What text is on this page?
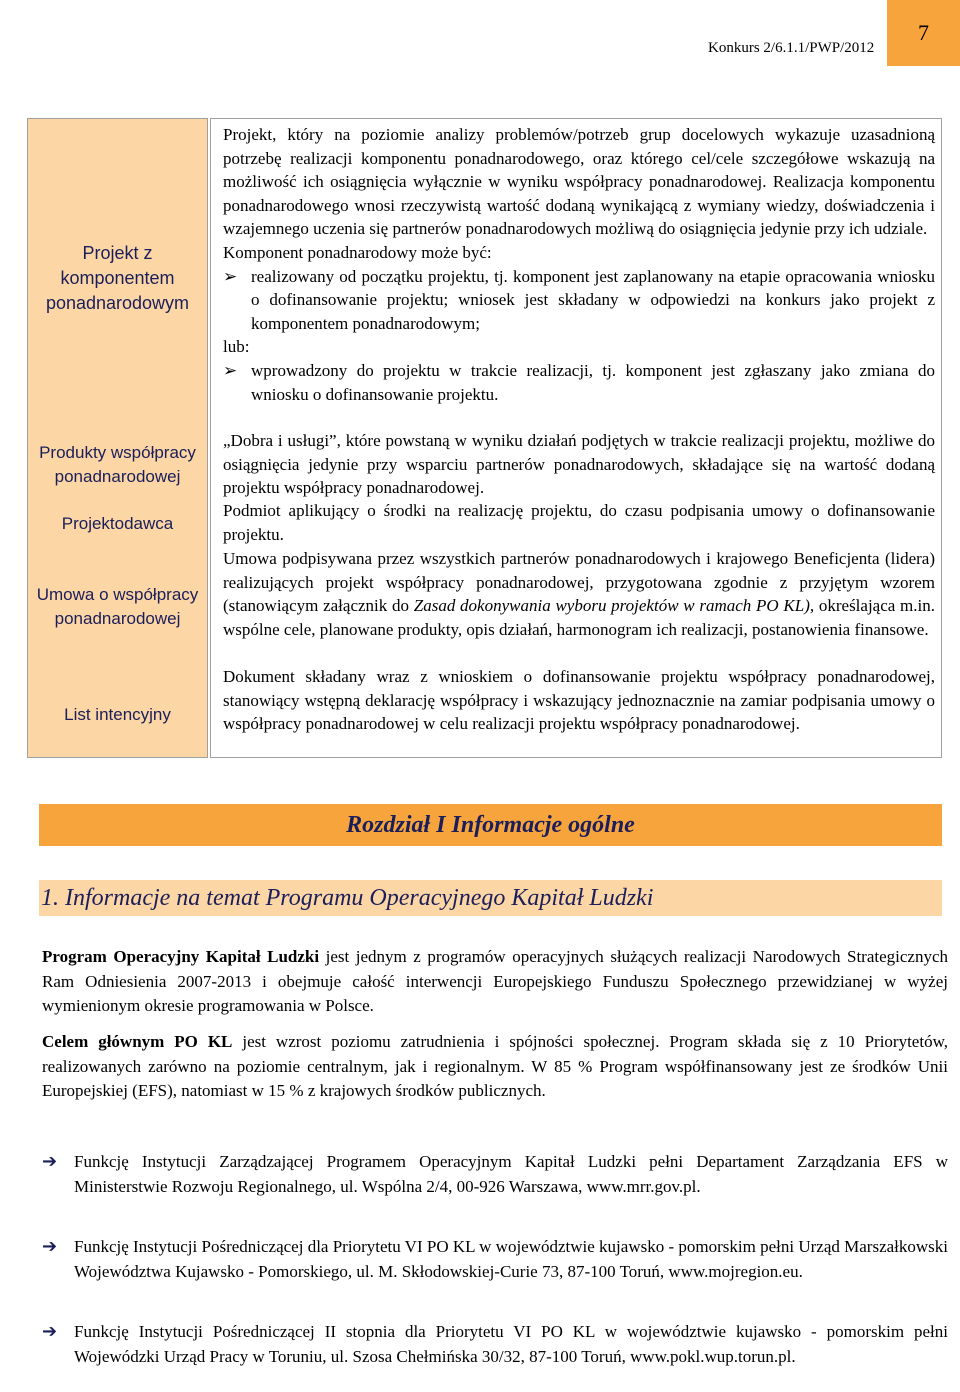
Konkurs 2/6.1.1/PWP/2012
7
Projekt z komponentem ponadnarodowym
Produkty współpracy ponadnarodowej
Projektodawca
Umowa o współpracy ponadnarodowej
List intencyjny
Projekt, który na poziomie analizy problemów/potrzeb grup docelowych wykazuje uzasadnioną potrzebę realizacji komponentu ponadnarodowego, oraz którego cel/cele szczegółowe wskazują na możliwość ich osiągnięcia wyłącznie w wyniku współpracy ponadnarodowej. Realizacja komponentu ponadnarodowego wnosi rzeczywistą wartość dodaną wynikającą z wymiany wiedzy, doświadczenia i wzajemnego uczenia się partnerów ponadnarodowych możliwą do osiągnięcia jedynie przy ich udziale.
Komponent ponadnarodowy może być:
➢ realizowany od początku projektu, tj. komponent jest zaplanowany na etapie opracowania wniosku o dofinansowanie projektu; wniosek jest składany w odpowiedzi na konkurs jako projekt z komponentem ponadnarodowym;
lub:
➢ wprowadzony do projektu w trakcie realizacji, tj. komponent jest zgłaszany jako zmiana do wniosku o dofinansowanie projektu.
„Dobra i usługi”, które powstaną w wyniku działań podjętych w trakcie realizacji projektu, możliwe do osiągnięcia jedynie przy wsparciu partnerów ponadnarodowych, składające się na wartość dodaną projektu współpracy ponadnarodowej.
Podmiot aplikujący o środki na realizację projektu, do czasu podpisania umowy o dofinansowanie projektu.
Umowa podpisywana przez wszystkich partnerów ponadnarodowych i krajowego Beneficjenta (lidera) realizujących projekt współpracy ponadnarodowej, przygotowana zgodnie z przyjętym wzorem (stanowiącym załącznik do Zasad dokonywania wyboru projektów w ramach PO KL), określająca m.in. wspólne cele, planowane produkty, opis działań, harmonogram ich realizacji, postanowienia finansowe.
Dokument składany wraz z wnioskiem o dofinansowanie projektu współpracy ponadnarodowej, stanowiący wstępną deklarację współpracy i wskazujący jednoznacznie na zamiar podpisania umowy o współpracy ponadnarodowej w celu realizacji projektu współpracy ponadnarodowej.
Rozdział I Informacje ogólne
1. Informacje na temat Programu Operacyjnego Kapitał Ludzki
Program Operacyjny Kapitał Ludzki jest jednym z programów operacyjnych służących realizacji Narodowych Strategicznych Ram Odniesienia 2007-2013 i obejmuje całość interwencji Europejskiego Funduszu Społecznego przewidzianej w wyżej wymienionym okresie programowania w Polsce.
Celem głównym PO KL jest wzrost poziomu zatrudnienia i spójności społecznej. Program składa się z 10 Priorytetów, realizowanych zarówno na poziomie centralnym, jak i regionalnym. W 85 % Program współfinansowany jest ze środków Unii Europejskiej (EFS), natomiast w 15 % z krajowych środków publicznych.
➔ Funkcję Instytucji Zarządzającej Programem Operacyjnym Kapitał Ludzki pełni Departament Zarządzania EFS w Ministerstwie Rozwoju Regionalnego, ul. Wspólna 2/4, 00-926 Warszawa, www.mrr.gov.pl.
➔ Funkcję Instytucji Pośredniczącej dla Priorytetu VI PO KL w województwie kujawsko - pomorskim pełni Urząd Marszałkowski Województwa Kujawsko - Pomorskiego, ul. M. Skłodowskiej-Curie 73, 87-100 Toruń, www.mojregion.eu.
➔ Funkcję Instytucji Pośredniczącej II stopnia dla Priorytetu VI PO KL w województwie kujawsko - pomorskim pełni Wojewódzki Urząd Pracy w Toruniu, ul. Szosa Chełmińska 30/32, 87-100 Toruń, www.pokl.wup.torun.pl.
